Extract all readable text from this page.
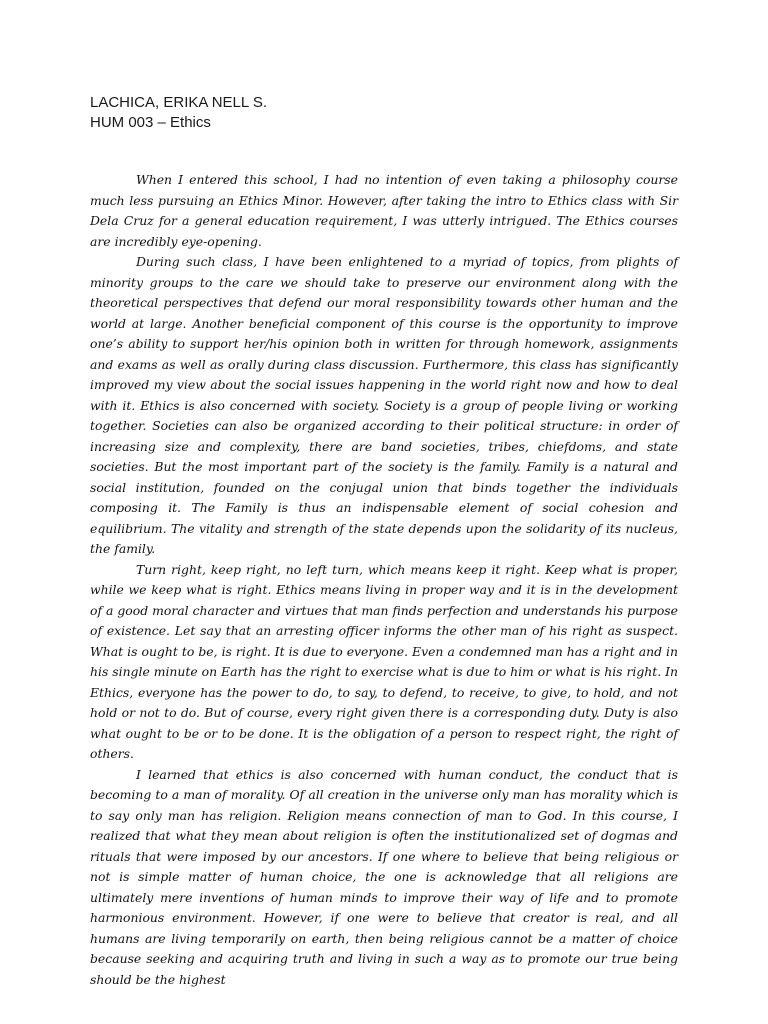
LACHICA, ERIKA NELL S.
HUM 003 – Ethics

When I entered this school, I had no intention of even taking a philosophy course much less pursuing an Ethics Minor. However, after taking the intro to Ethics class with Sir Dela Cruz for a general education requirement, I was utterly intrigued. The Ethics courses are incredibly eye-opening.

During such class, I have been enlightened to a myriad of topics, from plights of minority groups to the care we should take to preserve our environment along with the theoretical perspectives that defend our moral responsibility towards other human and the world at large. Another beneficial component of this course is the opportunity to improve one’s ability to support her/his opinion both in written for through homework, assignments and exams as well as orally during class discussion. Furthermore, this class has significantly improved my view about the social issues happening in the world right now and how to deal with it. Ethics is also concerned with society. Society is a group of people living or working together. Societies can also be organized according to their political structure: in order of increasing size and complexity, there are band societies, tribes, chiefdoms, and state societies. But the most important part of the society is the family. Family is a natural and social institution, founded on the conjugal union that binds together the individuals composing it. The Family is thus an indispensable element of social cohesion and equilibrium. The vitality and strength of the state depends upon the solidarity of its nucleus, the family.

Turn right, keep right, no left turn, which means keep it right. Keep what is proper, while we keep what is right. Ethics means living in proper way and it is in the development of a good moral character and virtues that man finds perfection and understands his purpose of existence. Let say that an arresting officer informs the other man of his right as suspect. What is ought to be, is right. It is due to everyone. Even a condemned man has a right and in his single minute on Earth has the right to exercise what is due to him or what is his right. In Ethics, everyone has the power to do, to say, to defend, to receive, to give, to hold, and not hold or not to do. But of course, every right given there is a corresponding duty. Duty is also what ought to be or to be done. It is the obligation of a person to respect right, the right of others.

I learned that ethics is also concerned with human conduct, the conduct that is becoming to a man of morality. Of all creation in the universe only man has morality which is to say only man has religion. Religion means connection of man to God. In this course, I realized that what they mean about religion is often the institutionalized set of dogmas and rituals that were imposed by our ancestors. If one where to believe that being religious or not is simple matter of human choice, the one is acknowledge that all religions are ultimately mere inventions of human minds to improve their way of life and to promote harmonious environment. However, if one were to believe that creator is real, and all humans are living temporarily on earth, then being religious cannot be a matter of choice because seeking and acquiring truth and living in such a way as to promote our true being should be the highest
